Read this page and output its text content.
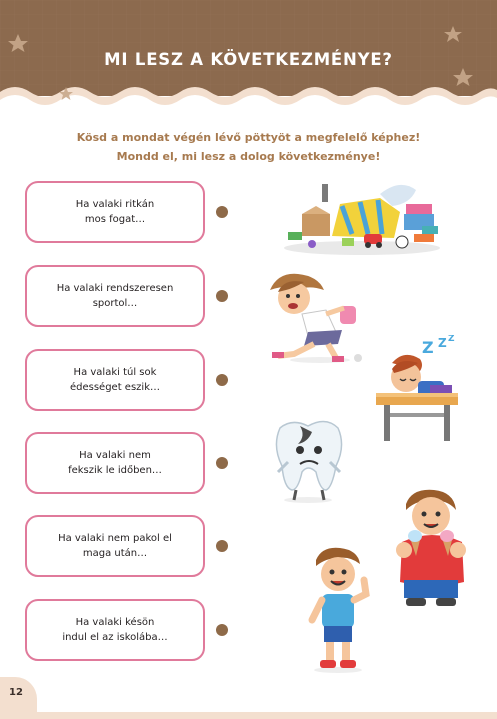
MI LESZ A KÖVETKEZMÉNYE?
Kösd a mondat végén lévő pöttyöt a megfelelő képhez!
Mondd el, mi lesz a dolog következménye!
Ha valaki ritkán
mos fogat…
Ha valaki rendszeresen
sportol…
Ha valaki túl sok
édességet eszik…
Ha valaki nem
fekszik le időben…
Ha valaki nem pakol el
maga után…
Ha valaki késön
indul el az iskolába…
Z Z Z
12
